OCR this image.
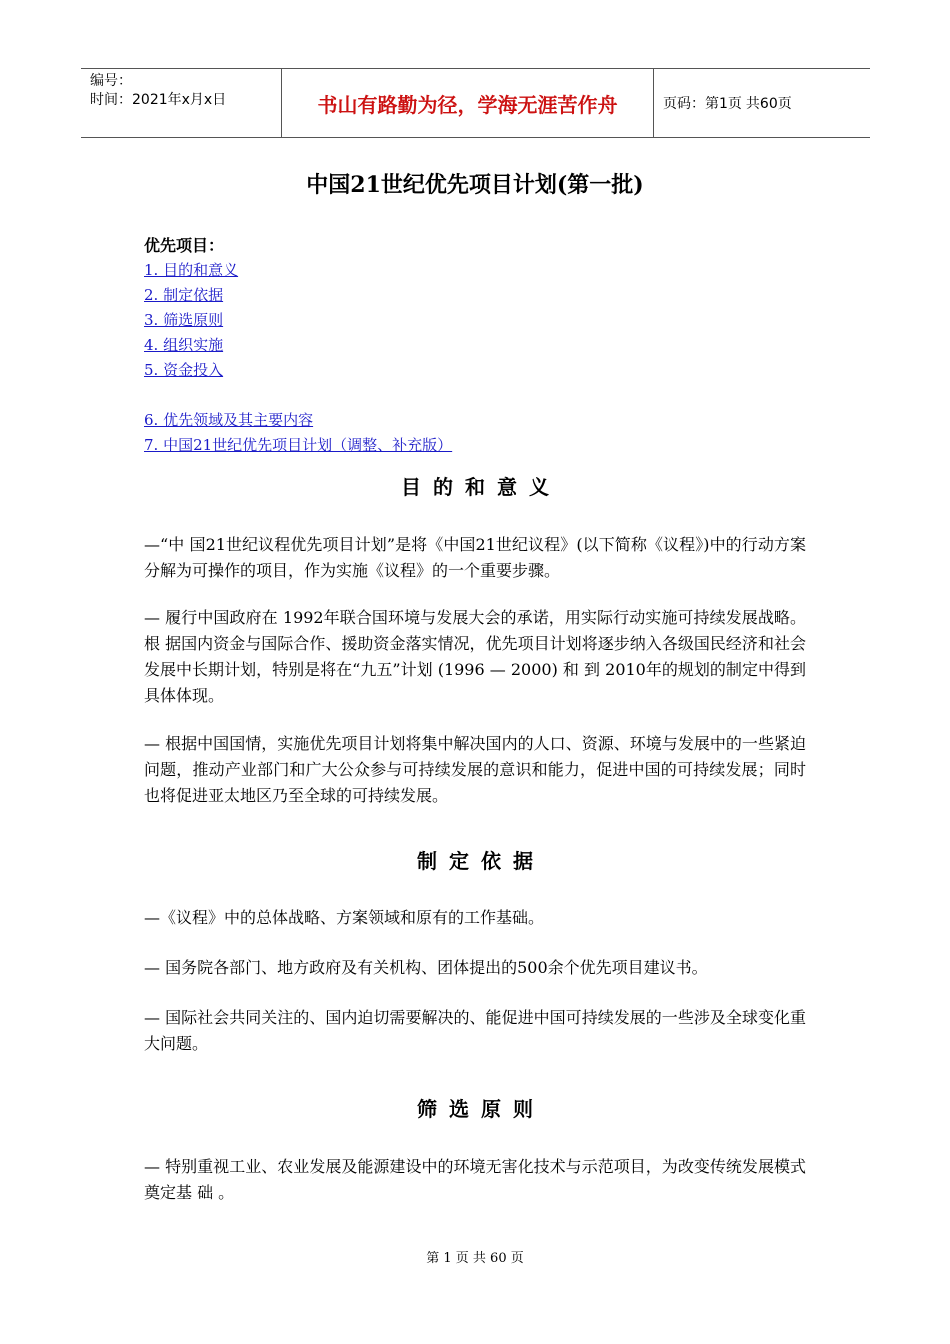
编号：
时间：2021年x月x日	书山有路勤为径，学海无涯苦作舟	页码：第1页 共60页
中国21世纪优先项目计划(第一批)
优先项目：
1. 目的和意义
2. 制定依据
3. 筛选原则
4. 组织实施
5. 资金投入
6. 优先领域及其主要内容
7. 中国21世纪优先项目计划（调整、补充版）
目的和意义
—“中 国21世纪议程优先项目计划”是将《中国21世纪议程》(以下简称《议程》)中的行动方案分解为可操作的项目，作为实施《议程》的一个重要步骤。
— 履行中国政府在 1992年联合国环境与发展大会的承诺，用实际行动实施可持续发展战略。根 据国内资金与国际合作、援助资金落实情况，优先项目计划将逐步纳入各级国民经济和社会发展中长期计划，特别是将在“九五”计划 (1996 — 2000) 和 到 2010年的规划的制定中得到具体体现。
— 根据中国国情，实施优先项目计划将集中解决国内的人口、资源、环境与发展中的一些紧迫问题，推动产业部门和广大公众参与可持续发展的意识和能力，促进中国的可持续发展；同时也将促进亚太地区乃至全球的可持续发展。
制定依据
—《议程》中的总体战略、方案领域和原有的工作基础。
— 国务院各部门、地方政府及有关机构、团体提出的500余个优先项目建议书。
— 国际社会共同关注的、国内迫切需要解决的、能促进中国可持续发展的一些涉及全球变化重大问题。
筛选原则
— 特别重视工业、农业发展及能源建设中的环境无害化技术与示范项目，为改变传统发展模式奠定基 础 。
第 1 页 共 60 页
